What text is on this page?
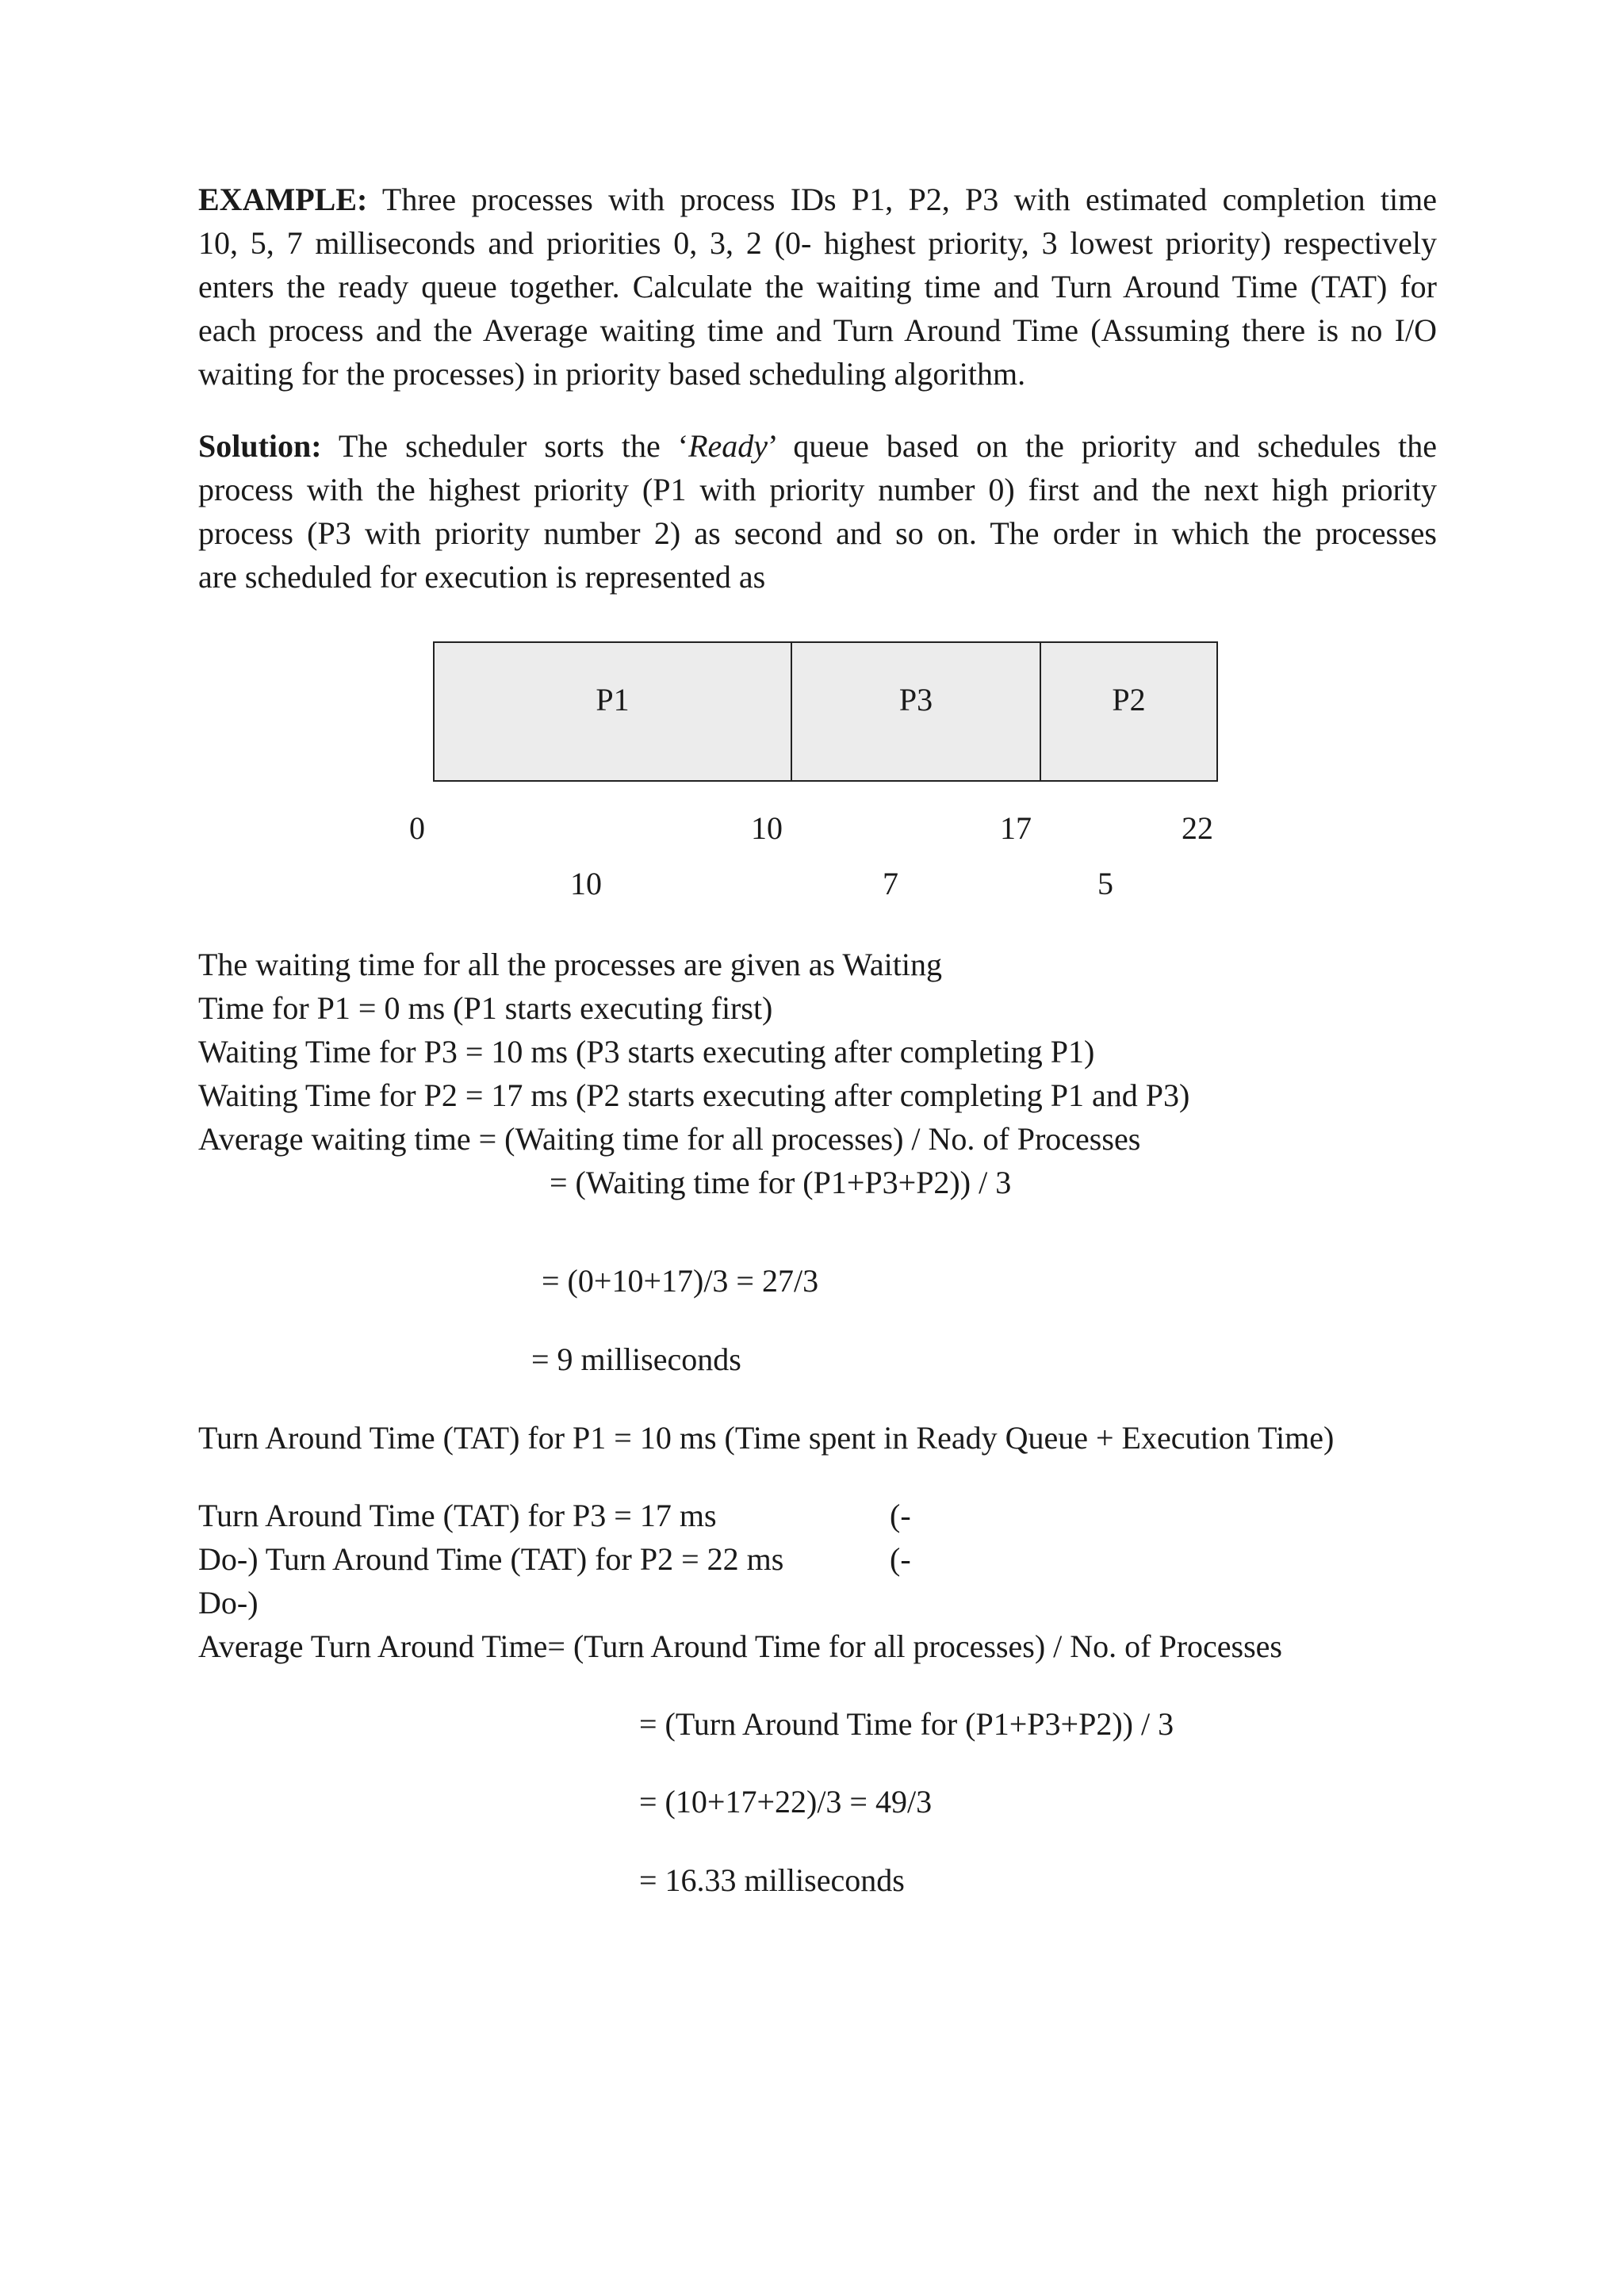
EXAMPLE: Three processes with process IDs P1, P2, P3 with estimated completion time
10, 5, 7 milliseconds and priorities 0, 3, 2 (0- highest priority, 3 lowest priority) respectively
enters the ready queue together. Calculate the waiting time and Turn Around Time (TAT) for
each process and the Average waiting time and Turn Around Time (Assuming there is no I/O
waiting for the processes) in priority based scheduling algorithm.
Solution: The scheduler sorts the ‘Ready’ queue based on the priority and schedules the
process with the highest priority (P1 with priority number 0) first and the next high priority
process (P3 with priority number 2) as second and so on. The order in which the processes
are scheduled for execution is represented as
P1	P3	P2
0	10	17	22
10	7	5

The waiting time for all the processes are given as Waiting

Time for P1 = 0 ms (P1 starts executing first)

Waiting Time for P3 = 10 ms (P3 starts executing after completing P1)

Waiting Time for P2 = 17 ms (P2 starts executing after completing P1 and P3)

Average waiting time = (Waiting time for all processes) / No. of Processes

= (Waiting time for (P1+P3+P2)) / 3

= (0+10+17)/3 = 27/3

= 9 milliseconds

Turn Around Time (TAT) for P1 = 10 ms (Time spent in Ready Queue + Execution Time)

Turn Around Time (TAT) for P3 = 17 ms	(-

Do-) Turn Around Time (TAT) for P2 = 22 ms	(-

Do-)

Average Turn Around Time= (Turn Around Time for all processes) / No. of Processes

= (Turn Around Time for (P1+P3+P2)) / 3

= (10+17+22)/3 = 49/3

= 16.33 milliseconds
